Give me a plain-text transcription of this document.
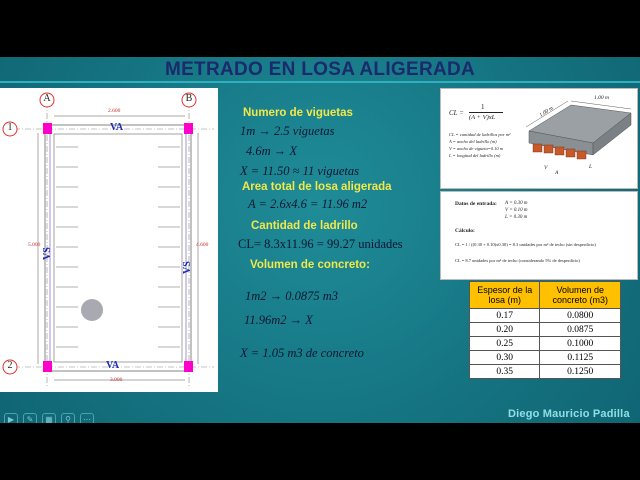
METRADO EN LOSA ALIGERADA
A	B
1
2
2.600
3.000
5.000	4.600
VA
VA
VS
VS
Numero de viguetas
1m → 2.5 viguetas
4.6m → X
X = 11.50 ≈ 11 viguetas
Area total de losa aligerada
A = 2.6x4.6 = 11.96 m2
Cantidad de ladrillo
CL= 8.3x11.96 = 99.27 unidades
Volumen de concreto:
1m2 → 0.0875 m3
11.96m2 → X
X = 1.05 m3 de concreto
CL =
1
(A + V)xL
CL = cantidad de ladrillos por m²
A = ancho del ladrillo (m)
V = ancho de vigueta=0.10 m
L = longitud del ladrillo (m)
1.00 m
1.00 m
V
A
L
Datos de entrada: A = 0.30 m
V = 0.10 m
L = 0.30 m
Cálculo:
CL = 1 / ((0.30 + 0.10)x0.30) = 8.3 unidades por m² de techo (sin desperdicio)
CL = 8.7 unidades por m² de techo (considerando 5% de desperdicio)
Espesor de la losa (m)	Volumen de concreto (m3)
0.17	0.0800
0.20	0.0875
0.25	0.1000
0.30	0.1125
0.35	0.1250
Diego Mauricio Padilla
▶	✎	▦	⚲	⋯
